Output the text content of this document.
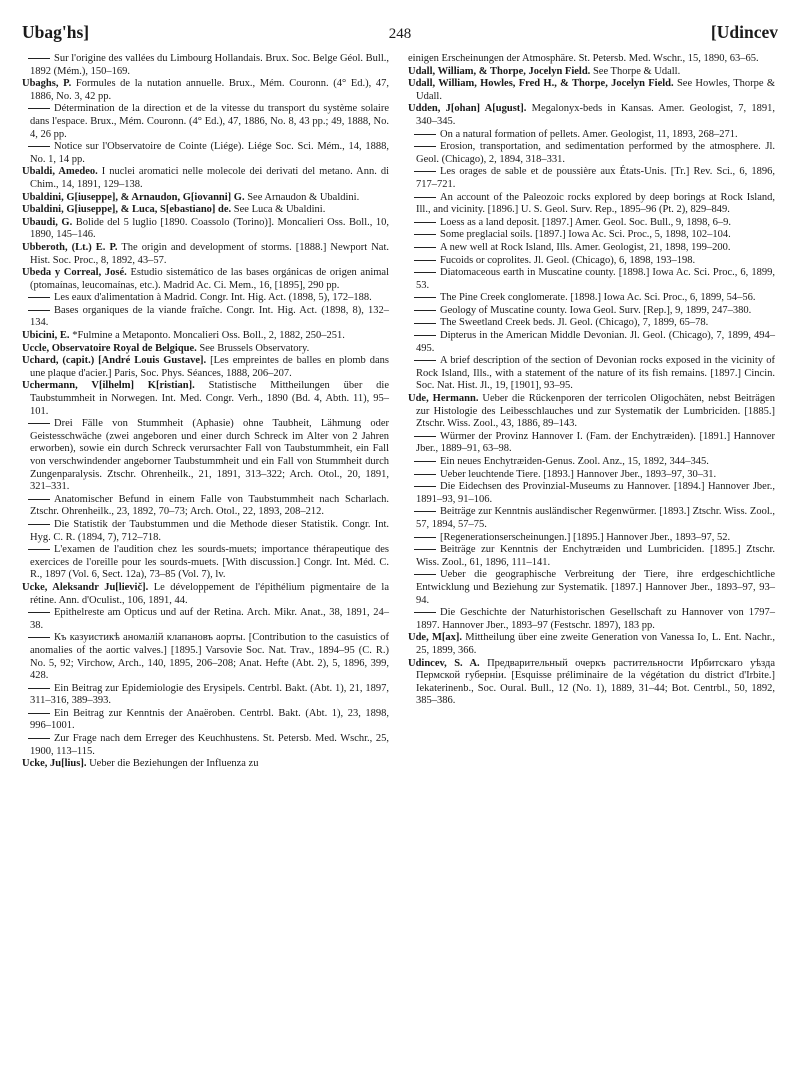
Ubag'hs]	248	[Udincev

Sur l'origine des vallées du Limbourg Hollandais. Brux. Soc. Belge Géol. Bull., 1892 (Mém.), 150–169.

Ubaghs, P. Formules de la nutation annuelle. Brux., Mém. Couronn. (4° Ed.), 47, 1886, No. 3, 42 pp.

Détermination de la direction et de la vitesse du transport du système solaire dans l'espace. Brux., Mém. Couronn. (4° Ed.), 47, 1886, No. 8, 43 pp.; 49, 1888, No. 4, 26 pp.

Notice sur l'Observatoire de Cointe (Liége). Liége Soc. Sci. Mém., 14, 1888, No. 1, 14 pp.

Ubaldi, Amedeo. I nuclei aromatici nelle molecole dei derivati del metano. Ann. di Chim., 14, 1891, 129–138.

Ubaldini, G[iuseppe], & Arnaudon, G[iovanni] G. See Arnaudon & Ubaldini.

Ubaldini, G[iuseppe], & Luca, S[ebastiano] de. See Luca & Ubaldini.

Ubaudi, G. Bolide del 5 luglio [1890. Coassolo (Torino)]. Moncalieri Oss. Boll., 10, 1890, 145–146.

Ubberoth, (Lt.) E. P. The origin and development of storms. [1888.] Newport Nat. Hist. Soc. Proc., 8, 1892, 43–57.

Ubeda y Correal, José. Estudio sistemático de las bases orgánicas de origen animal (ptomaínas, leucomaínas, etc.). Madrid Ac. Ci. Mem., 16, [1895], 290 pp.

Les eaux d'alimentation à Madrid. Congr. Int. Hig. Act. (1898, 5), 172–188.

Bases organiques de la viande fraîche. Congr. Int. Hig. Act. (1898, 8), 132–134.

Ubicini, E. *Fulmine a Metaponto. Moncalieri Oss. Boll., 2, 1882, 250–251.

Uccle, Observatoire Royal de Belgique. See Brussels Observatory.

Uchard, (capit.) [André Louis Gustave]. [Les empreintes de balles en plomb dans une plaque d'acier.] Paris, Soc. Phys. Séances, 1888, 206–207.

Uchermann, V[ilhelm] K[ristian]. Statistische Mittheilungen über die Taubstummheit in Norwegen. Int. Med. Congr. Verh., 1890 (Bd. 4, Abth. 11), 95–101.

Drei Fälle von Stummheit (Aphasie) ohne Taubheit, Lähmung oder Geistesschwäche (zwei angeboren und einer durch Schreck im Alter von 2 Jahren erworben), sowie ein durch Schreck verursachter Fall von Taubstummheit, ein Fall von verschwindender angeborner Taubstummheit und ein Fall von Stummheit durch Zungenparalysis. Ztschr. Ohrenheilk., 21, 1891, 313–322; Arch. Otol., 20, 1891, 321–331.

Anatomischer Befund in einem Falle von Taubstummheit nach Scharlach. Ztschr. Ohrenheilk., 23, 1892, 70–73; Arch. Otol., 22, 1893, 208–212.

Die Statistik der Taubstummen und die Methode dieser Statistik. Congr. Int. Hyg. C. R. (1894, 7), 712–718.

L'examen de l'audition chez les sourds-muets; importance thérapeutique des exercices de l'oreille pour les sourds-muets. [With discussion.] Congr. Int. Méd. C. R., 1897 (Vol. 6, Sect. 12a), 73–85 (Vol. 7), lv.

Ucke, Aleksandr Ju[lievič]. Le développement de l'épithélium pigmentaire de la rétine. Ann. d'Oculist., 106, 1891, 44.

Epithelreste am Opticus und auf der Retina. Arch. Mikr. Anat., 38, 1891, 24–38.

Къ казуистикѣ аномалій клапановъ аорты. [Contribution to the casuistics of anomalies of the aortic valves.] [1895.] Varsovie Soc. Nat. Trav., 1894–95 (C. R.) No. 5, 92; Virchow, Arch., 140, 1895, 206–208; Anat. Hefte (Abt. 2), 5, 1896, 399, 428.

Ein Beitrag zur Epidemiologie des Erysipels. Centrbl. Bakt. (Abt. 1), 21, 1897, 311–316, 389–393.

Ein Beitrag zur Kenntnis der Anaëroben. Centrbl. Bakt. (Abt. 1), 23, 1898, 996–1001.

Zur Frage nach dem Erreger des Keuchhustens. St. Petersb. Med. Wschr., 25, 1900, 113–115.

Ucke, Ju[lius]. Ueber die Beziehungen der Influenza zu

einigen Erscheinungen der Atmosphäre. St. Petersb. Med. Wschr., 15, 1890, 63–65.

Udall, William, & Thorpe, Jocelyn Field. See Thorpe & Udall.

Udall, William, Howles, Fred H., & Thorpe, Jocelyn Field. See Howles, Thorpe & Udall.

Udden, J[ohan] A[ugust]. Megalonyx-beds in Kansas. Amer. Geologist, 7, 1891, 340–345.

On a natural formation of pellets. Amer. Geologist, 11, 1893, 268–271.

Erosion, transportation, and sedimentation performed by the atmosphere. Jl. Geol. (Chicago), 2, 1894, 318–331.

Les orages de sable et de poussière aux États-Unis. [Tr.] Rev. Sci., 6, 1896, 717–721.

An account of the Paleozoic rocks explored by deep borings at Rock Island, Ill., and vicinity. [1896.] U. S. Geol. Surv. Rep., 1895–96 (Pt. 2), 829–849.

Loess as a land deposit. [1897.] Amer. Geol. Soc. Bull., 9, 1898, 6–9.

Some preglacial soils. [1897.] Iowa Ac. Sci. Proc., 5, 1898, 102–104.

A new well at Rock Island, Ills. Amer. Geologist, 21, 1898, 199–200.

Fucoids or coprolites. Jl. Geol. (Chicago), 6, 1898, 193–198.

Diatomaceous earth in Muscatine county. [1898.] Iowa Ac. Sci. Proc., 6, 1899, 53.

The Pine Creek conglomerate. [1898.] Iowa Ac. Sci. Proc., 6, 1899, 54–56.

Geology of Muscatine county. Iowa Geol. Surv. [Rep.], 9, 1899, 247–380.

The Sweetland Creek beds. Jl. Geol. (Chicago), 7, 1899, 65–78.

Dipterus in the American Middle Devonian. Jl. Geol. (Chicago), 7, 1899, 494–495.

A brief description of the section of Devonian rocks exposed in the vicinity of Rock Island, Ills., with a statement of the nature of its fish remains. [1897.] Cincin. Soc. Nat. Hist. Jl., 19, [1901], 93–95.

Ude, Hermann. Ueber die Rückenporen der terricolen Oligochäten, nebst Beiträgen zur Histologie des Leibesschlauches und zur Systematik der Lumbriciden. [1885.] Ztschr. Wiss. Zool., 43, 1886, 89–143.

Würmer der Provinz Hannover I. (Fam. der Enchytræiden). [1891.] Hannover Jber., 1889–91, 63–98.

Ein neues Enchytræiden-Genus. Zool. Anz., 15, 1892, 344–345.

Ueber leuchtende Tiere. [1893.] Hannover Jber., 1893–97, 30–31.

Die Eidechsen des Provinzial-Museums zu Hannover. [1894.] Hannover Jber., 1891–93, 91–106.

Beiträge zur Kenntnis ausländischer Regenwürmer. [1893.] Ztschr. Wiss. Zool., 57, 1894, 57–75.

[Regenerationserscheinungen.] [1895.] Hannover Jber., 1893–97, 52.

Beiträge zur Kenntnis der Enchytræiden und Lumbriciden. [1895.] Ztschr. Wiss. Zool., 61, 1896, 111–141.

Ueber die geographische Verbreitung der Tiere, ihre erdgeschichtliche Entwicklung und Beziehung zur Systematik. [1897.] Hannover Jber., 1893–97, 93–94.

Die Geschichte der Naturhistorischen Gesellschaft zu Hannover von 1797–1897. Hannover Jber., 1893–97 (Festschr. 1897), 183 pp.

Ude, M[ax]. Mittheilung über eine zweite Generation von Vanessa Io, L. Ent. Nachr., 25, 1899, 366.

Udincev, S. A. Предварительный очеркъ растительности Ирбитскаго уѣзда Пермской губерніи. [Esquisse préliminaire de la végétation du district d'Irbite.] Iekaterinenb., Soc. Oural. Bull., 12 (No. 1), 1889, 31–44; Bot. Centrbl., 50, 1892, 385–386.
